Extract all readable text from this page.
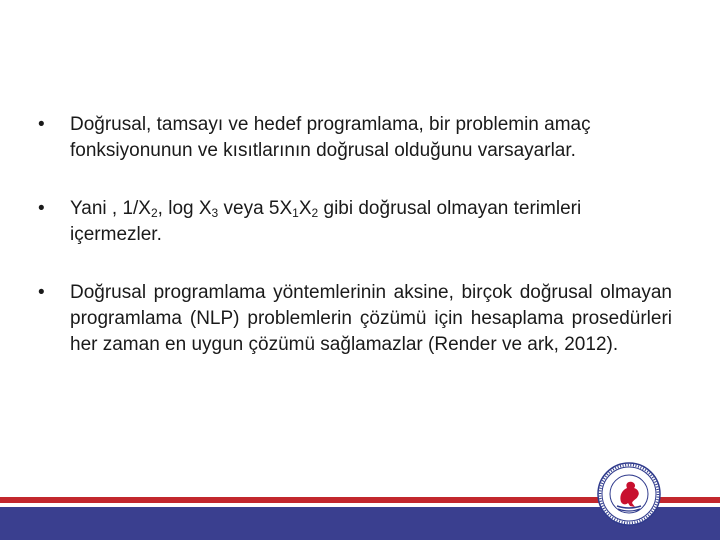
•	Doğrusal, tamsayı ve hedef programlama, bir problemin amaç fonksiyonunun ve kısıtlarının doğrusal olduğunu varsayarlar.
•	Yani , $1/X_2$, $\log X_3$ veya $5X_1X_2$ gibi doğrusal olmayan terimleri içermezler.
•	Doğrusal programlama yöntemlerinin aksine, birçok doğrusal olmayan programlama (NLP) problemlerin çözümü için hesaplama prosedürleri her zaman en uygun çözümü sağlamazlar (Render ve ark, 2012).
